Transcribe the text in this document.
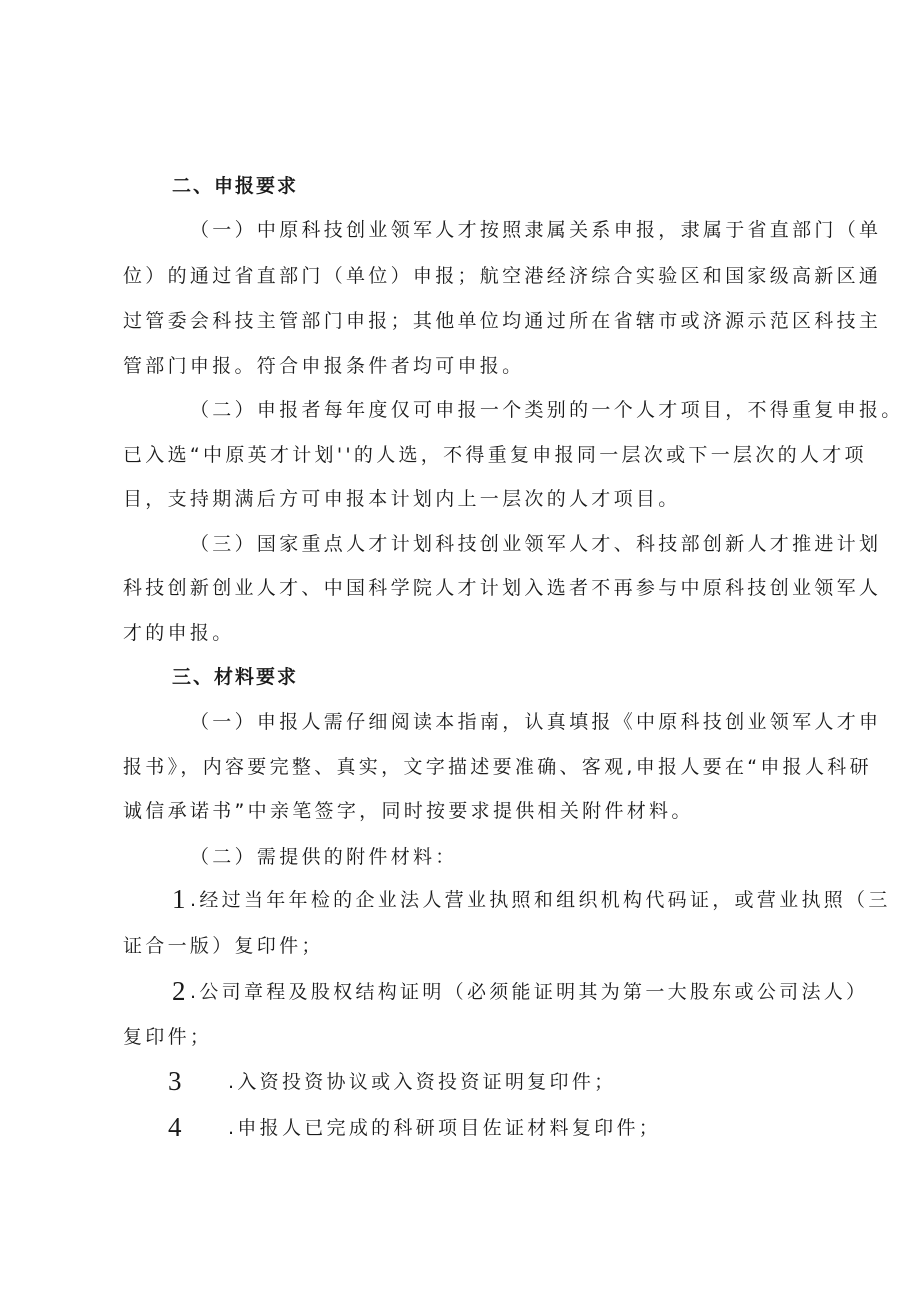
二、申报要求
（一）中原科技创业领军人才按照隶属关系申报，隶属于省直部门（单
位）的通过省直部门（单位）申报；航空港经济综合实验区和国家级高新区通
过管委会科技主管部门申报；其他单位均通过所在省辖市或济源示范区科技主
管部门申报。符合申报条件者均可申报。
（二）申报者每年度仅可申报一个类别的一个人才项目，不得重复申报。
已入选“中原英才计划''的人选，不得重复申报同一层次或下一层次的人才项
目，支持期满后方可申报本计划内上一层次的人才项目。
（三）国家重点人才计划科技创业领军人才、科技部创新人才推进计划
科技创新创业人才、中国科学院人才计划入选者不再参与中原科技创业领军人
才的申报。
三、材料要求
（一）申报人需仔细阅读本指南，认真填报《中原科技创业领军人才申
报书》，内容要完整、真实，文字描述要准确、客观,申报人要在“申报人科研
诚信承诺书”中亲笔签字，同时按要求提供相关附件材料。
（二）需提供的附件材料：
1 .经过当年年检的企业法人营业执照和组织机构代码证，或营业执照（三
证合一版）复印件；
2 .公司章程及股权结构证明（必须能证明其为第一大股东或公司法人）
复印件；
3 .入资投资协议或入资投资证明复印件；
4 .申报人已完成的科研项目佐证材料复印件；
